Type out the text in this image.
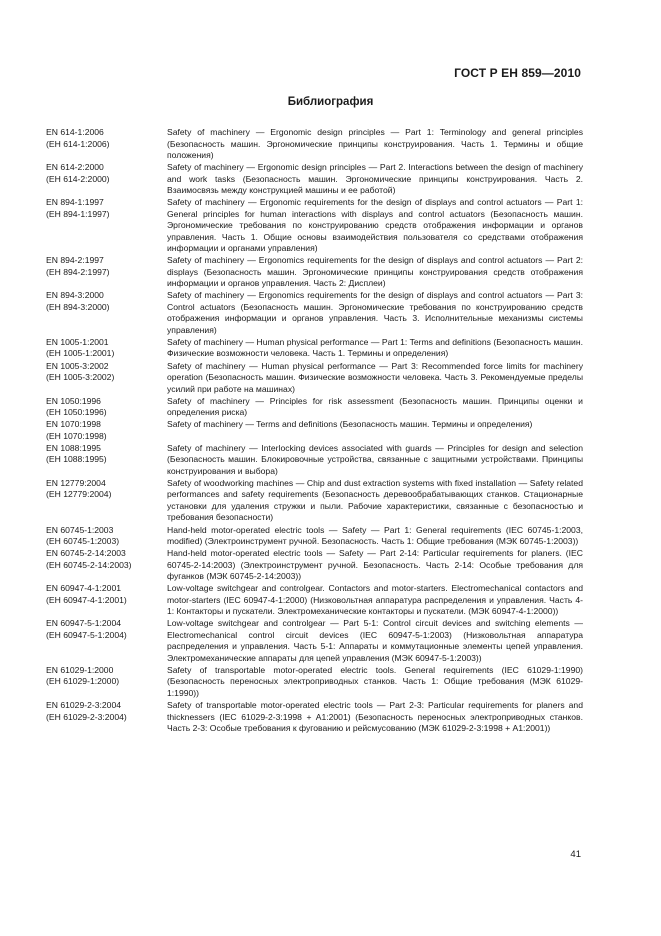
ГОСТ Р ЕН 859—2010
Библиография
EN 614-1:2006
(EH 614-1:2006)
Safety of machinery — Ergonomic design principles — Part 1: Terminology and general principles (Безопасность машин. Эргономические принципы конструирования. Часть 1. Термины и общие положения)
EN 614-2:2000
(EH 614-2:2000)
Safety of machinery — Ergonomic design principles — Part 2. Interactions between the design of machinery and work tasks (Безопасность машин. Эргономические принципы конструирования. Часть 2. Взаимосвязь между конструкцией машины и ее работой)
EN 894-1:1997
(EH 894-1:1997)
Safety of machinery — Ergonomic requirements for the design of displays and control actuators — Part 1: General principles for human interactions with displays and control actuators (Безопасность машин. Эргономические требования по конструированию средств отображения информации и органов управления. Часть 1. Общие основы взаимодействия пользователя со средствами отображения информации и органами управления)
EN 894-2:1997
(EH 894-2:1997)
Safety of machinery — Ergonomics requirements for the design of displays and control actuators — Part 2: displays (Безопасность машин. Эргономические принципы конструирования средств отображения информации и органов управления. Часть 2: Дисплеи)
EN 894-3:2000
(EH 894-3:2000)
Safety of machinery — Ergonomics requirements for the design of displays and control actuators — Part 3: Control actuators (Безопасность машин. Эргономические требования по конструированию средств отображения информации и органов управления. Часть 3. Исполнительные механизмы системы управления)
EN 1005-1:2001
(EH 1005-1:2001)
Safety of machinery — Human physical performance — Part 1: Terms and definitions (Безопасность машин. Физические возможности человека. Часть 1. Термины и определения)
EN 1005-3:2002
(EH 1005-3:2002)
Safety of machinery — Human physical performance — Part 3: Recommended force limits for machinery operation (Безопасность машин. Физические возможности человека. Часть 3. Рекомендуемые пределы усилий при работе на машинах)
EN 1050:1996
(EH 1050:1996)
Safety of machinery — Principles for risk assessment (Безопасность машин. Принципы оценки и определения риска)
EN 1070:1998
(EH 1070:1998)
Safety of machinery — Terms and definitions (Безопасность машин. Термины и определения)
EN 1088:1995
(EH 1088:1995)
Safety of machinery — Interlocking devices associated with guards — Principles for design and selection (Безопасность машин. Блокировочные устройства, связанные с защитными устройствами. Принципы конструирования и выбора)
EN 12779:2004
(EH 12779:2004)
Safety of woodworking machines — Chip and dust extraction systems with fixed installation — Safety related performances and safety requirements (Безопасность деревообрабатывающих станков. Стационарные установки для удаления стружки и пыли. Рабочие характеристики, связанные с безопасностью и требования безопасности)
EN 60745-1:2003
(EH 60745-1:2003)
Hand-held motor-operated electric tools — Safety — Part 1: General requirements (IEC 60745-1:2003, modified) (Электроинструмент ручной. Безопасность. Часть 1: Общие требования (МЭК 60745-1:2003))
EN 60745-2-14:2003
(EH 60745-2-14:2003)
Hand-held motor-operated electric tools — Safety — Part 2-14: Particular requirements for planers. (IEC 60745-2-14:2003) (Электроинструмент ручной. Безопасность. Часть 2-14: Особые требования для фуганков (МЭК 60745-2-14:2003))
EN 60947-4-1:2001
(EH 60947-4-1:2001)
Low-voltage switchgear and controlgear. Contactors and motor-starters. Electromechanical contactors and motor-starters (IEC 60947-4-1:2000) (Низковольтная аппаратура распределения и управления. Часть 4-1: Контакторы и пускатели. Электромеханические контакторы и пускатели. (МЭК 60947-4-1:2000))
EN 60947-5-1:2004
(EH 60947-5-1:2004)
Low-voltage switchgear and controlgear — Part 5-1: Control circuit devices and switching elements — Electromechanical control circuit devices (IEC 60947-5-1:2003) (Низковольтная аппаратура распределения и управления. Часть 5-1: Аппараты и коммутационные элементы цепей управления. Электромеханические аппараты для цепей управления (МЭК 60947-5-1:2003))
EN 61029-1:2000
(EH 61029-1:2000)
Safety of transportable motor-operated electric tools. General requirements (IEC 61029-1:1990) (Безопасность переносных электроприводных станков. Часть 1: Общие требования (МЭК 61029-1:1990))
EN 61029-2-3:2004
(EH 61029-2-3:2004)
Safety of transportable motor-operated electric tools — Part 2-3: Particular requirements for planers and thicknessers (IEC 61029-2-3:1998 + A1:2001) (Безопасность переносных электроприводных станков. Часть 2-3: Особые требования к фугованию и рейсмусованию (МЭК 61029-2-3:1998 + A1:2001))
41
